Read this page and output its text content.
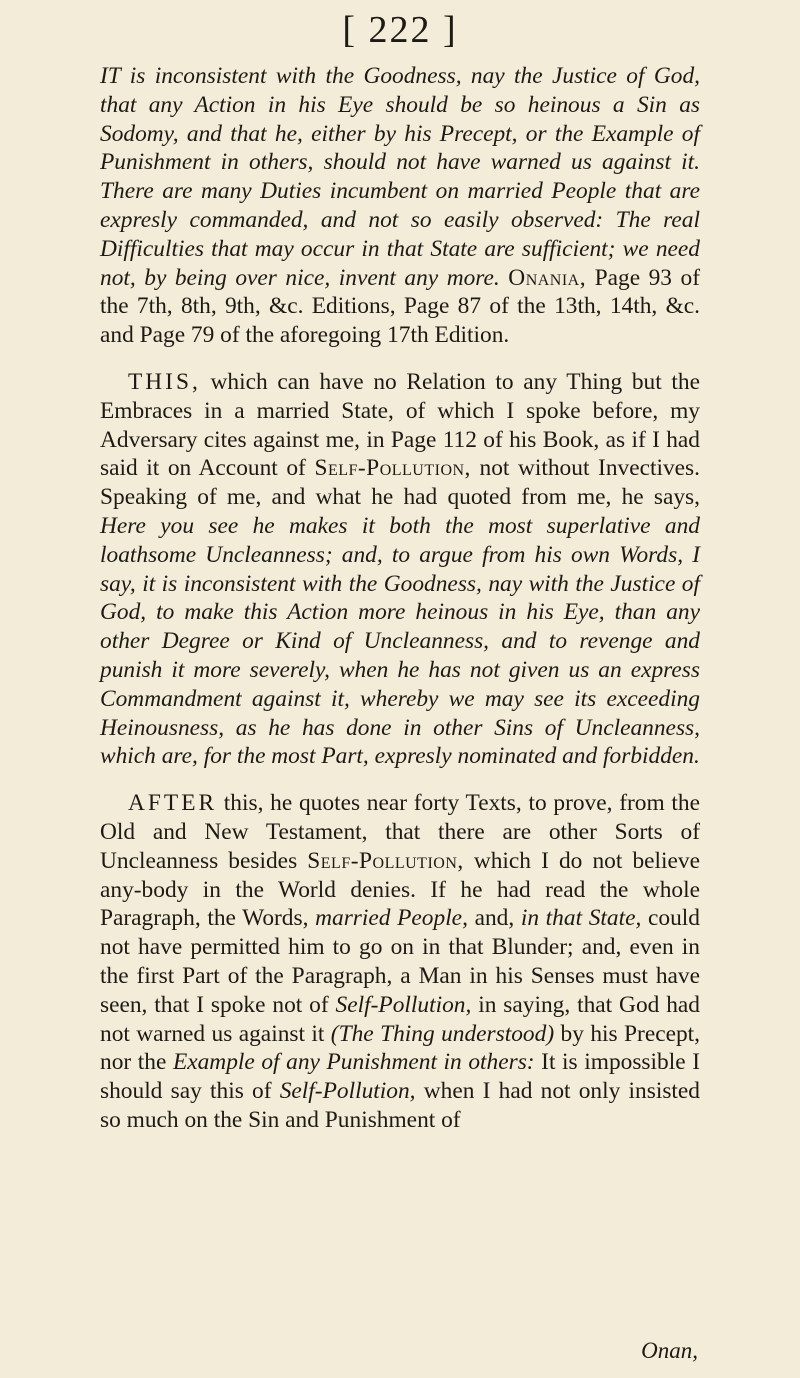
[ 222 ]

IT is inconsistent with the Goodness, nay the Justice of God, that any Action in his Eye should be so heinous a Sin as Sodomy, and that he, either by his Precept, or the Example of Punishment in others, should not have warned us against it. There are many Duties incumbent on married People that are expresly commanded, and not so easily observed: The real Difficulties that may occur in that State are sufficient; we need not, by being over nice, invent any more. Onania, Page 93 of the 7th, 8th, 9th, &c. Editions, Page 87 of the 13th, 14th, &c. and Page 79 of the aforegoing 17th Edition.

THIS, which can have no Relation to any Thing but the Embraces in a married State, of which I spoke before, my Adversary cites against me, in Page 112 of his Book, as if I had said it on Account of Self-Pollution, not without Invectives. Speaking of me, and what he had quoted from me, he says, Here you see he makes it both the most superlative and loathsome Uncleanness; and, to argue from his own Words, I say, it is inconsistent with the Goodness, nay with the Justice of God, to make this Action more heinous in his Eye, than any other Degree or Kind of Uncleanness, and to revenge and punish it more severely, when he has not given us an express Commandment against it, whereby we may see its exceeding Heinousness, as he has done in other Sins of Uncleanness, which are, for the most Part, expresly nominated and forbidden.

AFTER this, he quotes near forty Texts, to prove, from the Old and New Testament, that there are other Sorts of Uncleanness besides Self-Pollution, which I do not believe any-body in the World denies. If he had read the whole Paragraph, the Words, married People, and, in that State, could not have permitted him to go on in that Blunder; and, even in the first Part of the Paragraph, a Man in his Senses must have seen, that I spoke not of Self-Pollution, in saying, that God had not warned us against it (The Thing understood) by his Precept, nor the Example of any Punishment in others: It is impossible I should say this of Self-Pollution, when I had not only insisted so much on the Sin and Punishment of

Onan,
